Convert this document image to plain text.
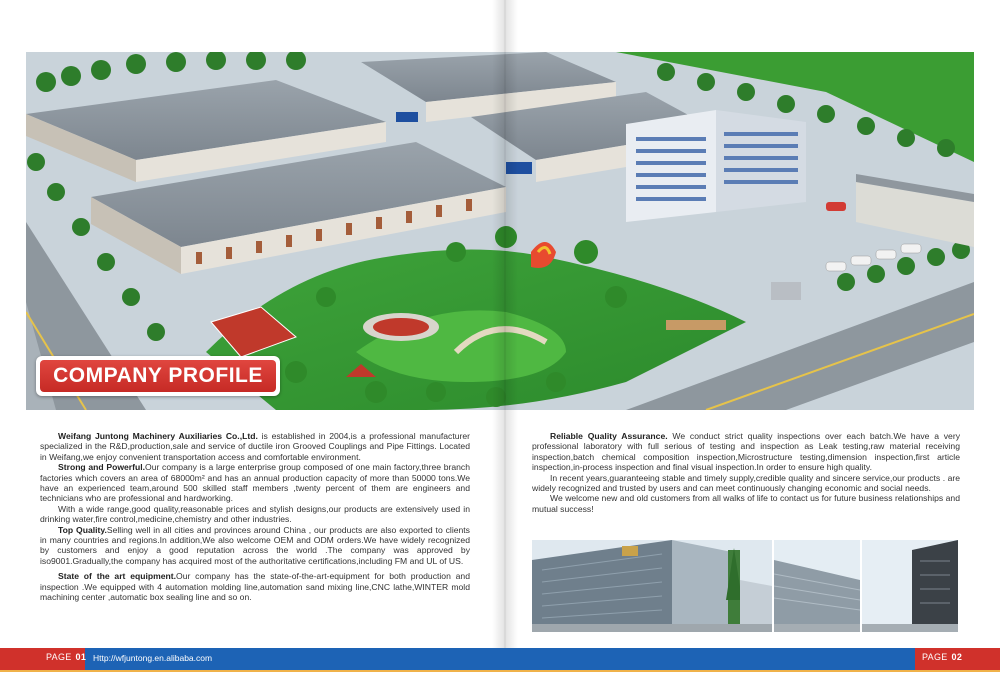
COMPANY PROFILE

Weifang Juntong Machinery Auxiliaries Co.,Ltd. is established in 2004,is a professional manufacturer specialized in the R&D,production,sale and service of ductile iron Grooved Couplings and Pipe Fittings. Located in Weifang,we enjoy convenient transportation access and comfortable environment.

Strong and Powerful.Our company is a large enterprise group composed of one main factory,three branch factories which covers an area of 68000m² and has an annual production capacity of more than 50000 tons.We have an experienced team,around 500 skilled staff members ,twenty percent of them are engineers and technicians who are professional and hardworking.

With a wide range,good quality,reasonable prices and stylish designs,our products are extensively used in drinking water,fire control,medicine,chemistry and other industries.

Top Quality.Selling well in all cities and provinces around China , our products are also exported to clients in many countries and regions.In addition,We also welcome OEM and ODM orders.We have widely recognized by customers and enjoy a good reputation across the world .The company was approved by iso9001.Gradually,the company has acquired most of the authoritative certifications,including FM and UL of US.

State of the art equipment.Our company has the state-of-the-art-equipment for both production and inspection .We equipped with 4 automation molding line,automation sand mixing line,CNC lathe,WINTER mold machining center ,automatic box sealing line and so on.

Reliable Quality Assurance. We conduct strict quality inspections over each batch.We have a very professional laboratory with full serious of testing and inspection as Leak testing,raw material receiving inspection,batch chemical composition inspection,Microstructure testing,dimension inspection,first article inspection,in-process inspection and final visual inspection.In order to ensure high quality.

In recent years,guaranteeing stable and timely supply,credible quality and sincere service,our products . are widely recognized and trusted by users and can meet continuously changing economic and social needs.

We welcome new and old customers from all walks of life to contact us for future business relationships and mutual success!

PAGE 01 Http://wfjuntong.en.alibaba.com	PAGE 02
